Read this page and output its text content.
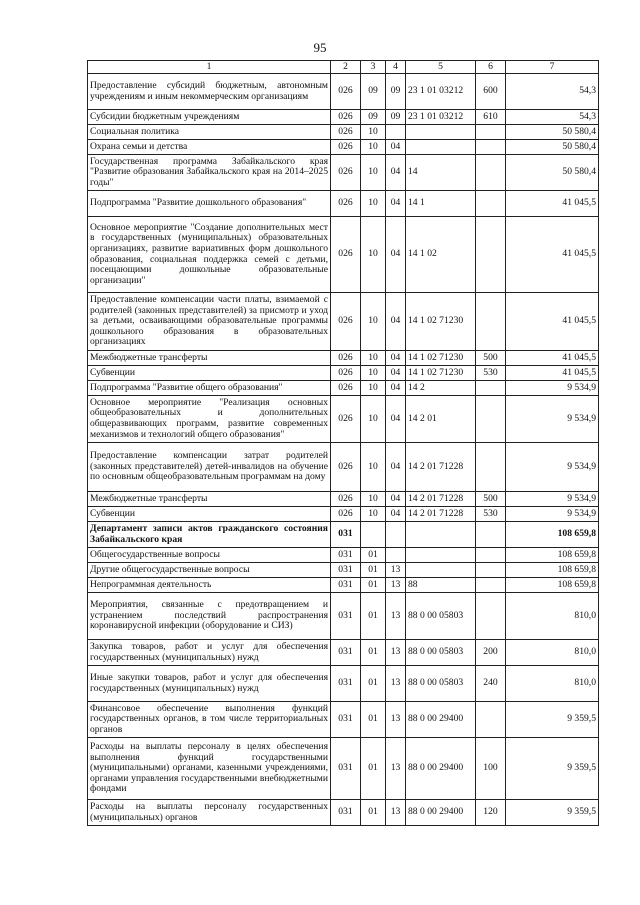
95
1	2	3	4	5	6	7
Предоставление субсидий бюджетным, автономным учреждениям и иным некоммерческим организациям	026	09	09	23 1 01 03212	600	54,3
Субсидии бюджетным учреждениям	026	09	09	23 1 01 03212	610	54,3
Социальная политика	026	10				50 580,4
Охрана семьи и детства	026	10	04			50 580,4
Государственная программа Забайкальского края "Развитие образования Забайкальского края на 2014–2025 годы"	026	10	04	14		50 580,4
Подпрограмма "Развитие дошкольного образования"	026	10	04	14 1		41 045,5
Основное мероприятие "Создание дополнительных мест в государственных (муниципальных) образовательных организациях, развитие вариативных форм дошкольного образования, социальная поддержка семей с детьми, посещающими дошкольные образовательные организации"	026	10	04	14 1 02		41 045,5
Предоставление компенсации части платы, взимаемой с родителей (законных представителей) за присмотр и уход за детьми, осваивающими образовательные программы дошкольного образования в образовательных организациях	026	10	04	14 1 02 71230		41 045,5
Межбюджетные трансферты	026	10	04	14 1 02 71230	500	41 045,5
Субвенции	026	10	04	14 1 02 71230	530	41 045,5
Подпрограмма "Развитие общего образования"	026	10	04	14 2		9 534,9
Основное мероприятие "Реализация основных общеобразовательных и дополнительных общеразвивающих программ, развитие современных механизмов и технологий общего образования"	026	10	04	14 2 01		9 534,9
Предоставление компенсации затрат родителей (законных представителей) детей-инвалидов на обучение по основным общеобразовательным программам на дому	026	10	04	14 2 01 71228		9 534,9
Межбюджетные трансферты	026	10	04	14 2 01 71228	500	9 534,9
Субвенции	026	10	04	14 2 01 71228	530	9 534,9
Департамент записи актов гражданского состояния Забайкальского края	031					108 659,8
Общегосударственные вопросы	031	01				108 659,8
Другие общегосударственные вопросы	031	01	13			108 659,8
Непрограммная деятельность	031	01	13	88		108 659,8
Мероприятия, связанные с предотвращением и устранением последствий распространения коронавирусной инфекции (оборудование и СИЗ)	031	01	13	88 0 00 05803		810,0
Закупка товаров, работ и услуг для обеспечения государственных (муниципальных) нужд	031	01	13	88 0 00 05803	200	810,0
Иные закупки товаров, работ и услуг для обеспечения государственных (муниципальных) нужд	031	01	13	88 0 00 05803	240	810,0
Финансовое обеспечение выполнения функций государственных органов, в том числе территориальных органов	031	01	13	88 0 00 29400		9 359,5
Расходы на выплаты персоналу в целях обеспечения выполнения функций государственными (муниципальными) органами, казенными учреждениями, органами управления государственными внебюджетными фондами	031	01	13	88 0 00 29400	100	9 359,5
Расходы на выплаты персоналу государственных (муниципальных) органов	031	01	13	88 0 00 29400	120	9 359,5
